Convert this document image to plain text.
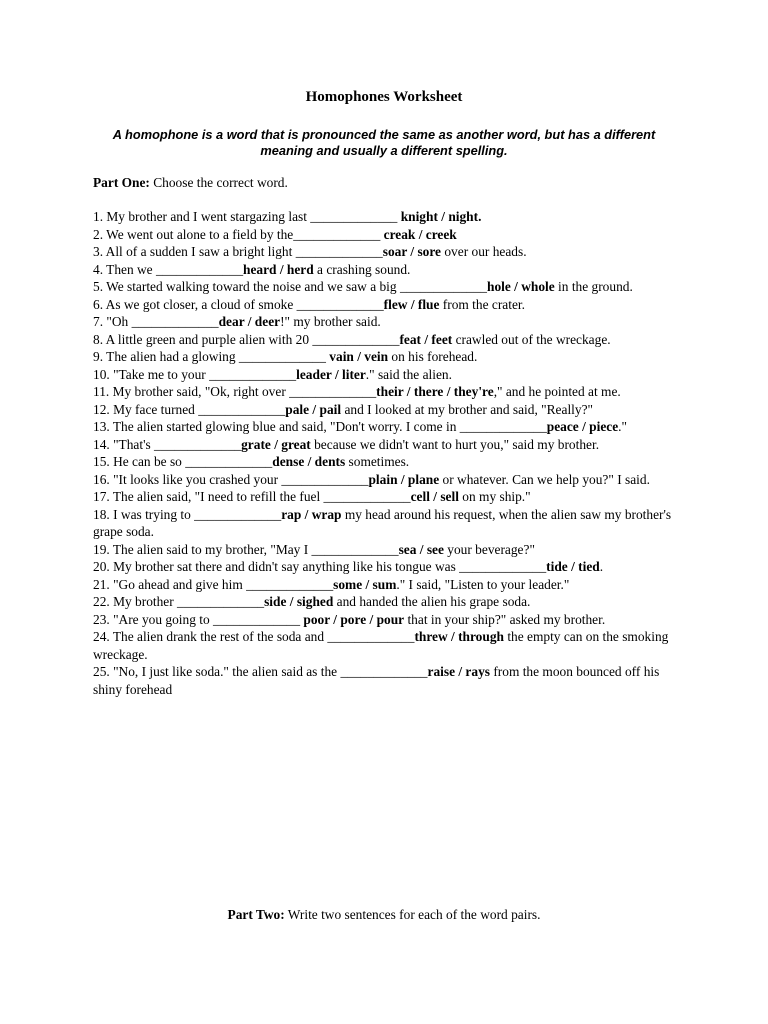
Homophones Worksheet
A homophone is a word that is pronounced the same as another word, but has a different meaning and usually a different spelling.
Part One: Choose the correct word.
1. My brother and I went stargazing last _____________ knight / night.
2. We went out alone to a field by the_____________ creak / creek
3. All of a sudden I saw a bright light _____________soar / sore over our heads.
4. Then we _____________heard / herd a crashing sound.
5. We started walking toward the noise and we saw a big _____________hole / whole in the ground.
6. As we got closer, a cloud of smoke _____________flew / flue from the crater.
7. "Oh _____________dear / deer!" my brother said.
8. A little green and purple alien with 20 _____________feat / feet crawled out of the wreckage.
9. The alien had a glowing _____________ vain / vein on his forehead.
10. "Take me to your _____________leader / liter." said the alien.
11. My brother said, "Ok, right over _____________their / there / they're," and he pointed at me.
12. My face turned _____________pale / pail and I looked at my brother and said, "Really?"
13. The alien started glowing blue and said, "Don't worry. I come in _____________peace / piece."
14. "That's _____________grate / great because we didn't want to hurt you," said my brother.
15. He can be so _____________dense / dents sometimes.
16. "It looks like you crashed your _____________plain / plane or whatever. Can we help you?" I said.
17. The alien said, "I need to refill the fuel _____________cell / sell on my ship."
18. I was trying to _____________rap / wrap my head around his request, when the alien saw my brother's grape soda.
19. The alien said to my brother, "May I _____________sea / see your beverage?"
20. My brother sat there and didn't say anything like his tongue was _____________tide / tied.
21. "Go ahead and give him _____________some / sum." I said, "Listen to your leader."
22. My brother _____________side / sighed and handed the alien his grape soda.
23. "Are you going to _____________ poor / pore / pour that in your ship?" asked my brother.
24. The alien drank the rest of the soda and _____________threw / through the empty can on the smoking wreckage.
25. "No, I just like soda." the alien said as the _____________raise / rays from the moon bounced off his shiny forehead
Part Two: Write two sentences for each of the word pairs.
